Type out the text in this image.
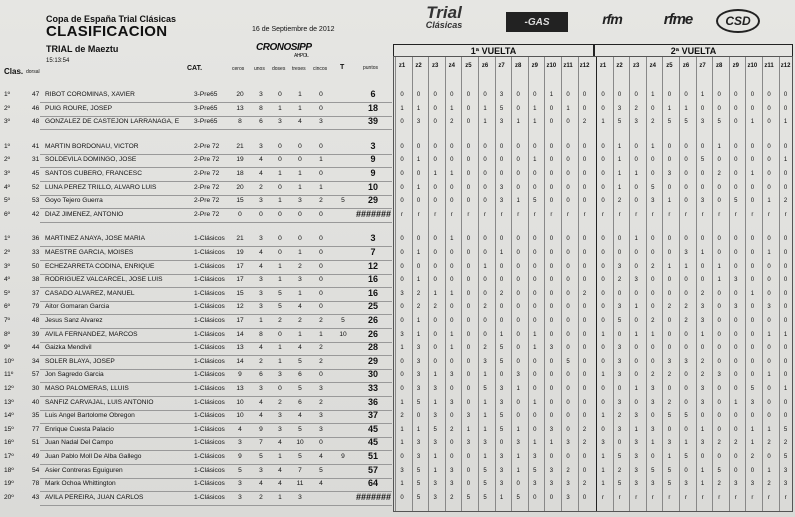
Copa de España Trial Clásicas
CLASIFICACION
TRIAL de Maeztu
15:13:54
16 de Septiembre de 2012
CRONOSIPP
AHPOL
Trial
Clásicas	-GAS	rfm	rfme	CSD
Clas. dorsal	CAT.	ceros unos doses treses cincos T	puntos
1ª VUELTA	2ª VUELTA
z1	z2	z3	z4	z5	z6	z7	z8	z9	z10	z11	z12	z1	z2	z3	z4	z5	z6	z7	z8	z9	z10	z11	z12
1º	47 RIBOT COROMINAS, XAVIER	3-Pre65	20	3	0	1	0	6	0	0	0	0	0	0	3	0	0	1	0	0	0	0	0	1	0	0	1	0	0	0	0	0
2º	46 PUIG ROURE, JOSEP	3-Pre65	13	8	1	1	0	18	1	1	0	1	0	1	5	0	1	0	1	0	0	3	2	0	1	1	0	0	0	0	0	0
3º	48 GONZALEZ DE CASTEJON LARRAÑAGA, E	3-Pre65	8	6	3	4	3	39	0	3	0	2	0	1	3	1	1	0	0	2	1	5	3	2	5	5	3	5	0	1	0	1
1º	41 MARTIN BORDONAU, VICTOR	2-Pre 72	21	3	0	0	0	3	0	0	0	0	0	0	0	0	0	0	0	0	0	1	0	1	0	0	0	1	0	0	0	0
2º	31 SOLDEVILA DOMINGO, JOSE	2-Pre 72	19	4	0	0	1	9	0	1	0	0	0	0	0	0	1	0	0	0	0	1	0	0	0	0	5	0	0	0	0	1
3º	45 SANTOS CUBERO, FRANCESC	2-Pre 72	18	4	1	1	0	9	0	0	1	1	0	0	0	0	0	0	0	0	0	1	1	0	3	0	0	2	0	1	0	0
4º	52 LUNA PEREZ TRILLO, ALVARO LUIS	2-Pre 72	20	2	0	1	1	10	0	1	0	0	0	0	3	0	0	0	0	0	0	1	0	5	0	0	0	0	0	0	0	0
5º	53 Goyo Tejero Guerra	2-Pre 72	15	3	1	3	2	5	29	0	0	0	0	0	0	3	1	5	0	0	0	0	2	0	3	1	0	3	0	5	0	1	2
6º	42 DIAZ JIMENEZ, ANTONIO	2-Pre 72	0	0	0	0	0	#######	r	r	r	r	r	r	r	r	r	r	r	r	r	r	r	r	r	r	r	r	r	r	r	r
1º	36 MARTINEZ ANAYA, JOSE MARIA	1-Clásicos	21	3	0	0	0	3	0	0	0	1	0	0	0	0	0	0	0	0	0	0	1	0	0	0	0	0	0	0	0	0
2º	33 MAESTRE GARCIA, MOISES	1-Clásicos	19	4	0	1	0	7	0	1	0	0	0	0	1	0	0	0	0	0	0	0	0	0	0	3	1	0	0	0	1	0
3º	50 ECHEZARRETA CODINA, ENRIQUE	1-Clásicos	17	4	1	2	0	12	0	0	0	0	0	1	0	0	0	0	0	0	0	3	0	2	1	1	0	1	0	0	0	0
4º	38 RODRIGUEZ VALCARCEL, JOSE LUIS	1-Clásicos	17	3	1	3	0	16	0	1	0	0	0	0	0	0	0	0	0	0	0	2	3	0	0	0	0	1	3	0	0	0
5º	37 CASADO ALVAREZ, MANUEL	1-Clásicos	15	3	5	1	0	16	3	2	1	1	0	0	2	0	0	0	0	2	0	0	0	0	0	0	2	0	0	1	0	0
6º	79 Aitor Gomaran Garcia	1-Clásicos	12	3	5	4	0	25	0	2	2	0	0	2	0	0	0	0	0	0	0	3	1	0	2	2	3	0	3	0	3	0
7º	48 Jesus Sanz Alvarez	1-Clásicos	17	1	2	2	2	5	26	0	1	0	0	0	0	0	0	0	0	0	0	0	5	0	2	0	2	3	0	0	0	0	0
8º	39 AVILA FERNANDEZ, MARCOS	1-Clásicos	14	8	0	1	1	10	26	3	1	0	1	0	0	1	0	1	0	0	0	1	0	1	1	0	0	1	0	0	0	1	1
9º	44 Gaizka Mendivil	1-Clásicos	13	4	1	4	2	28	1	3	0	1	0	2	5	0	1	3	0	0	0	3	0	0	0	0	0	0	0	0	0	0
10º	34 SOLER BLAYA, JOSEP	1-Clásicos	14	2	1	5	2	29	0	3	0	0	0	3	5	0	0	0	5	0	0	3	0	0	3	3	2	0	0	0	0	0
11º	57 Jon Sagredo Garcia	1-Clásicos	9	6	3	6	0	30	0	3	1	3	0	1	0	3	0	0	0	0	1	3	0	2	2	0	2	3	0	0	1	0
12º	30 MASO PALOMERAS, LLUIS	1-Clásicos	13	3	0	5	3	33	0	3	3	0	0	5	3	1	0	0	0	0	0	0	1	3	0	0	3	0	0	5	0	1
13º	40 SANFIZ CARVAJAL, LUIS ANTONIO	1-Clásicos	10	4	2	6	2	36	1	5	1	3	0	1	3	0	1	0	0	0	0	3	0	3	2	0	3	0	1	3	0	0
14º	35 Luis Angel Bartolome Obregon	1-Clásicos	10	4	3	4	3	37	2	0	3	0	3	1	5	0	0	0	0	0	1	2	3	0	5	5	0	0	0	0	0	0
15º	77 Enrique Cuesta Palacio	1-Clásicos	4	9	3	5	3	45	1	1	5	2	1	1	5	1	0	3	0	2	0	3	1	3	0	0	1	0	0	1	1	5
16º	51 Juan Nadal Del Campo	1-Clásicos	3	7	4	10	0	45	1	3	3	0	3	3	0	3	1	1	3	2	3	0	3	1	3	1	3	2	2	1	2	2
17º	49 Juan Pablo Moll De Alba Gallego	1-Clásicos	9	5	1	5	4	9	51	0	3	1	0	0	1	3	1	3	0	0	0	1	5	3	0	1	5	0	0	0	2	0	5
18º	54 Asier Contreras Eguiguren	1-Clásicos	5	3	4	7	5	57	3	5	1	3	0	5	3	1	5	3	2	0	1	2	3	5	5	0	1	5	0	0	1	3
19º	78 Mark Ochoa Whittington	1-Clásicos	3	4	4	11	4	64	1	5	3	3	0	5	3	0	3	3	3	2	1	5	3	3	5	3	1	2	3	3	2	3
20º	43 AVILA PEREIRA, JUAN CARLOS	1-Clásicos	3	2	1	3	#######	0	5	3	2	5	5	1	5	0	0	3	0	r	r	r	r	r	r	r	r	r	r	r	r
